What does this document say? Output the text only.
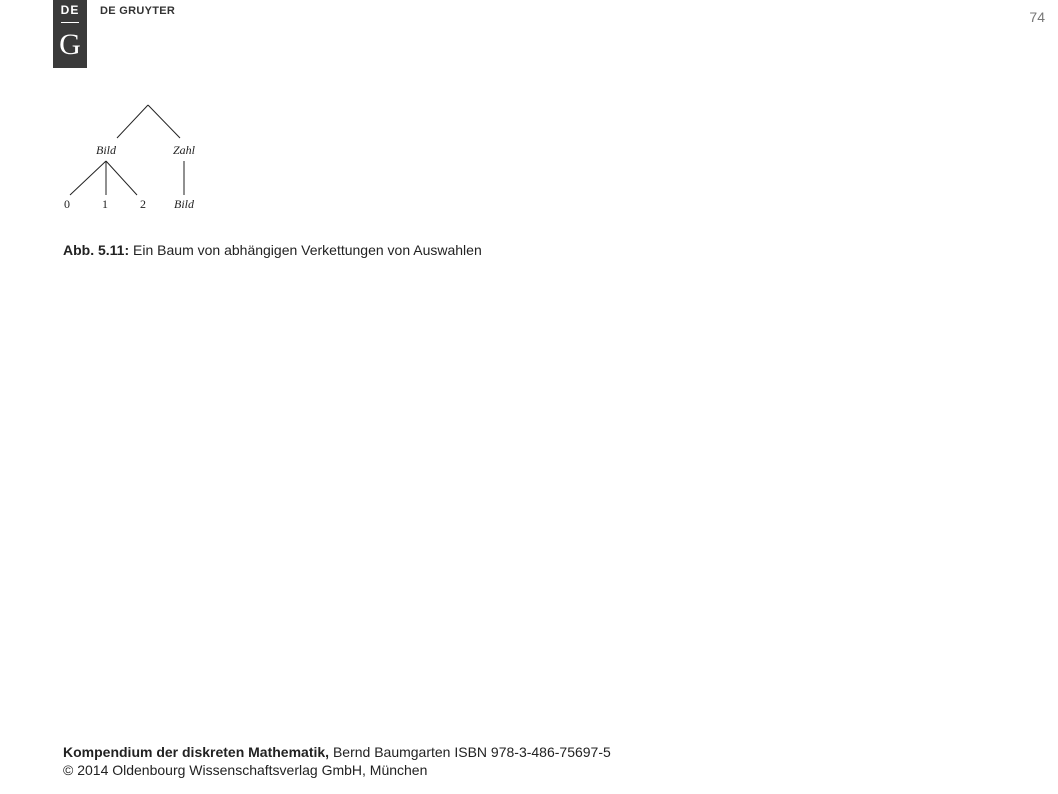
DE
G
DE GRUYTER	74
Bild	Zahl
0	1	2 Bild
Abb. 5.11: Ein Baum von abhängigen Verkettungen von Auswahlen
Kompendium der diskreten Mathematik, Bernd Baumgarten ISBN 978-3-486-75697-5
© 2014 Oldenbourg Wissenschaftsverlag GmbH, München
